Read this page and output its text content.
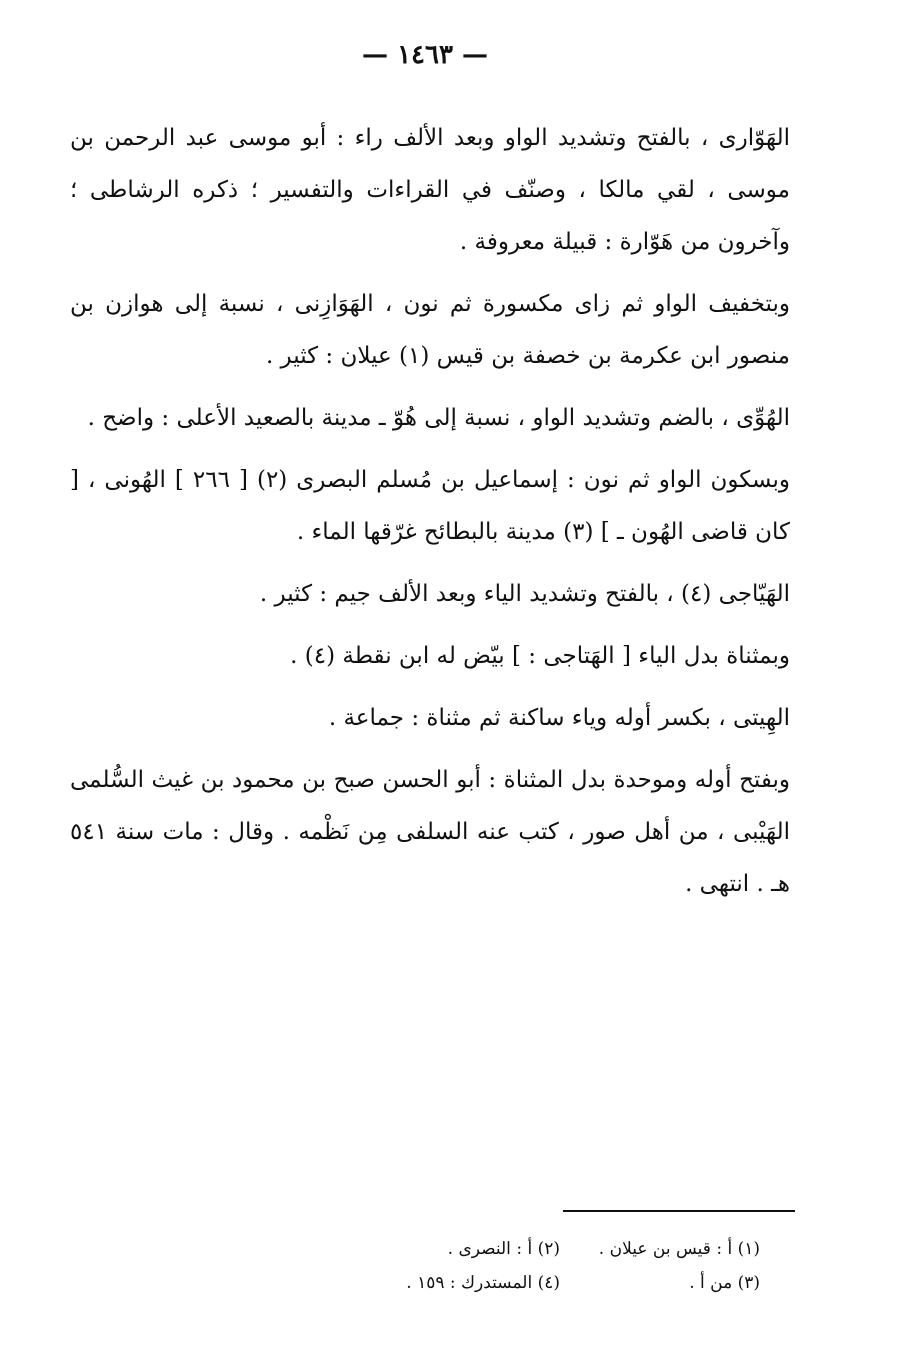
— ١٤٦٣ —

الهَوّارى ، بالفتح وتشديد الواو وبعد الألف راء : أبو موسى عبد الرحمن بن موسى ، لقي مالكا ، وصنّف في القراءات والتفسير ؛ ذكره الرشاطى ؛ وآخرون من هَوّارة : قبيلة معروفة .

وبتخفيف الواو ثم زاى مكسورة ثم نون ، الهَوَازِنى ، نسبة إلى هوازن بن منصور ابن عكرمة بن خصفة بن قيس (١) عيلان : كثير .

الهُوِّى ، بالضم وتشديد الواو ، نسبة إلى هُوّ ـ مدينة بالصعيد الأعلى : واضح .

وبسكون الواو ثم نون : إسماعيل بن مُسلم البصرى (٢) [ ٢٦٦ ] الهُونى ، [ كان قاضى الهُون ـ ] (٣) مدينة بالبطائح غرّقها الماء .

الهَيّاجى (٤) ، بالفتح وتشديد الياء وبعد الألف جيم : كثير .

وبمثناة بدل الياء [ الهَتاجى : ] بيّض له ابن نقطة (٤) .

الهِيتى ، بكسر أوله وياء ساكنة ثم مثناة : جماعة .

وبفتح أوله وموحدة بدل المثناة : أبو الحسن صبح بن محمود بن غيث السُّلمى الهَيْبى ، من أهل صور ، كتب عنه السلفى مِن نَظْمه . وقال : مات سنة ٥٤١ هـ . انتهى .

(١) أ : قيس بن عيلان .
(٢) أ : النصرى .
(٣) من أ .
(٤) المستدرك : ١٥٩ .
